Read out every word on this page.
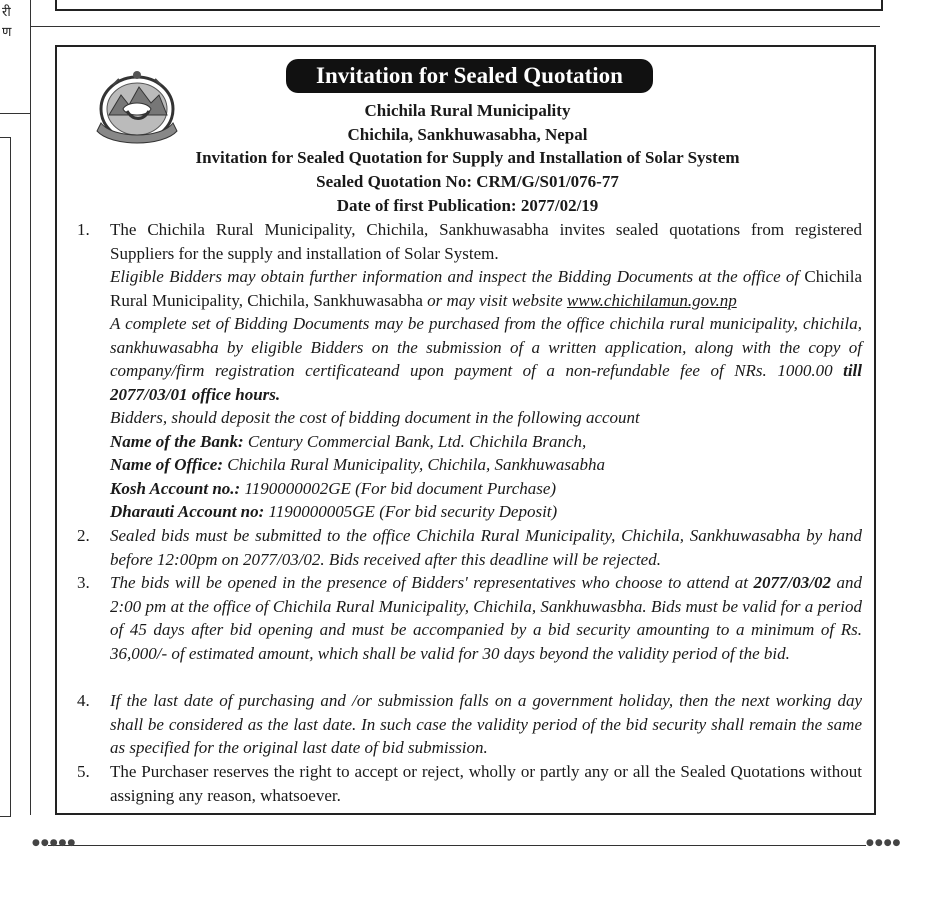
री
ण
●●●●●	●●●●
Invitation for Sealed Quotation
Chichila Rural Municipality
Chichila, Sankhuwasabha, Nepal
Invitation for Sealed Quotation for Supply and Installation of Solar System
Sealed Quotation No: CRM/G/S01/076-77
Date of first Publication: 2077/02/19
1. The Chichila Rural Municipality, Chichila, Sankhuwasabha invites sealed quotations from registered Suppliers for the supply and installation of Solar System.

Eligible Bidders may obtain further information and inspect the Bidding Documents at the office of Chichila Rural Municipality, Chichila, Sankhuwasabha or may visit website www.chichilamun.gov.np

A complete set of Bidding Documents may be purchased from the office chichila rural municipality, chichila, sankhuwasabha by eligible Bidders on the submission of a written application, along with the copy of company/firm registration certificateand upon payment of a non-refundable fee of NRs. 1000.00 till 2077/03/01 office hours.

Bidders, should deposit the cost of bidding document in the following account

Name of the Bank: Century Commercial Bank, Ltd. Chichila Branch,

Name of Office: Chichila Rural Municipality, Chichila, Sankhuwasabha

Kosh Account no.: 1190000002GE (For bid document Purchase)

Dharauti Account no: 1190000005GE (For bid security Deposit)

2. Sealed bids must be submitted to the office Chichila Rural Municipality, Chichila, Sankhuwasabha by hand before 12:00pm on 2077/03/02. Bids received after this deadline will be rejected.

3. The bids will be opened in the presence of Bidders' representatives who choose to attend at 2077/03/02 and 2:00 pm at the office of Chichila Rural Municipality, Chichila, Sankhuwasbha. Bids must be valid for a period of 45 days after bid opening and must be accompanied by a bid security amounting to a minimum of Rs. 36,000/- of estimated amount, which shall be valid for 30 days beyond the validity period of the bid.

4. If the last date of purchasing and /or submission falls on a government holiday, then the next working day shall be considered as the last date. In such case the validity period of the bid security shall remain the same as specified for the original last date of bid submission.

5. The Purchaser reserves the right to accept or reject, wholly or partly any or all the Sealed Quotations without assigning any reason, whatsoever.
